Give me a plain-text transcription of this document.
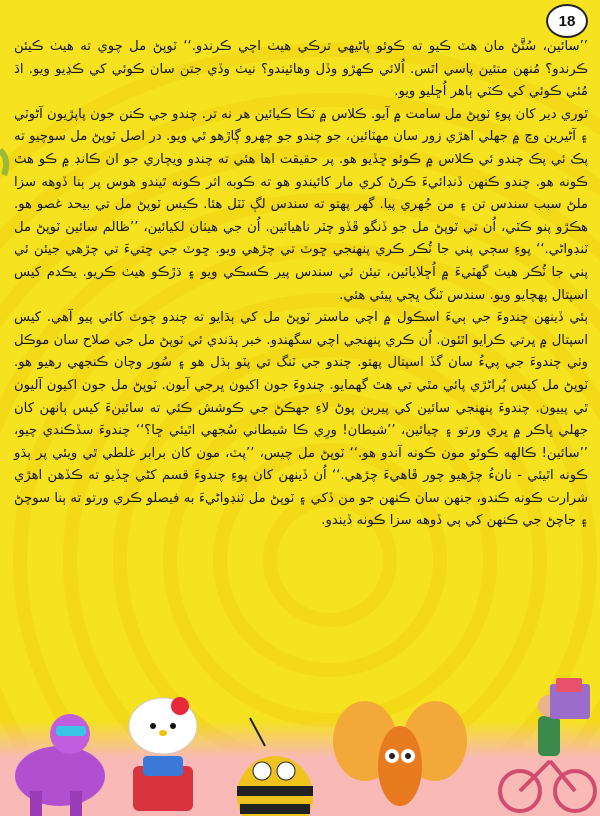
18

’’سائين، سُتَّڻ مان هٽ ڪيو ته ڪوئو پاڻيھي ترڪي هيٺ اچي ڪرندو.‘‘ ٽوپڻ مل چوي ته هيٺ ڪيئن ڪرندو؟ مُنهن متئين پاسي اٿس. اُلائي ڪهڙو وڏل وهائيندو؟ نيٺ وڏي جتن سان ڪوئي کي ڪڍيو ويو. اڌ مُئي ڪوئي کي ڪٽي ٻاهر اُڇليو ويو.

ٿوري دير کان پوءِ ٽوپڻ مل سامت ۾ آيو. ڪلاس ۾ ٽڪا ڪيائين هر نه تر. چندو جي ڪنن جون پاپڙيون آڻوٽي ۽ آڻيرين وچ ۾ جهلي اهڙي زور سان مهٽائين، جو چندو جو چهرو ڳاڙهو ٿي ويو. در اصل ٽوپڻ مل سوچيو ته پڪ ئي پڪ چندو ئي ڪلاس ۾ ڪوئو ڇڏيو هو. پر حقيقت اها هئي ته چندو ويچاري جو ان ڪانڊ ۾ ڪو هٿ ڪونه هو. چندو ڪنهن ڏنڊائيءَ ڪرڻ کري مار کائيندو هو ته ڪوبه اثر ڪونه ٿيندو هوس پر ٻنا ڏوهه سزا ملڻ سبب سندس تن ۽ من جُهري پيا. گهر پهتو ته سندس لڳ ٽٽل هئا. ڪيس ٽوپڻ مل تي بيحد غصو هو. هڪڙو پنو ڪٽي، اُن تي ٽوپڻ مل جو ڏنگو ڦڏو چٽر ناهيائين. اُن جي هيٺان لکيائين، ’’ظالم سائين ٽوپڻ مل ٽنڊواڻي.‘‘ پوءِ سڄي پني جا ٽُڪر ڪري پنهنجي ڇوٽ تي چڙهي ويو. ڇوٽ جي ڇتيءَ تي چڙهي جيئن ئي پني جا ٽُڪر هيٺ گهٽيءَ ۾ اُڇلايائين، تيئن ئي سندس پير ڪسڪي ويو ۽ ڌڙڪو هيٺ ڪريو. يڪدم کيس اسپتال پهچايو ويو. سندس ٽنگ ڀڄي پيئي هئي.

ٻئي ڏينهن چندوءَ جي ٻيءَ اسڪول ۾ اچي ماستر ٽوپڻ مل کي ٻڌايو ته چندو چوٽ کائي پيو آهي. کيس اسپتال ۾ ڀرتي ڪرايو اٿئون. اُن ڪري پنهنجي اچي سگهندو. خبر ٻڌندي ئي ٽوپڻ مل جي صلاح سان موڪل وٺي چندوءَ جي پيءُ سان گڏ اسپتال پهتو. چندو جي ٽنگ تي پٽو ٻڌل هو ۽ سُور وچان ڪنجهي رهيو هو. ٽوپڻ مل کيس ٻُراڻڙي پائي مٿي تي هٿ گهمايو. چندوءَ جون اکيون ڀرجي آيون. ٽوپڻ مل جون اکيون آليون ٿي پييون. چندوءَ پنهنجي سائين کي پيرين پوڻ لاءِ جهڪڻ جي ڪوشش ڪئي ته سائينءَ کيس ٻانهن کان جهلي ڀاڪر ۾ ڀري ورتو ۽ چيائين، ’’شيطان! ورِي ڪا شيطاني سُجهي اٿيئي ڇا؟‘‘ چندوءَ سڏڪندي چيو، ’’سائين! ڪالهه ڪوئو مون ڪونه آندو هو.‘‘ ٽوپڻ مل چيس، ’’پٽ، مون کان برابر غلطي ٿي ويئي پر ٻڌو ڪونه اٿيئي - نانءُ چڙهيو چور ڦاهيءَ چڙهي.‘‘ اُن ڏينهن کان پوءِ چندوءَ قسم کڻي ڇڏيو ته ڪڏهن اهڙي شرارت ڪونه ڪندو، جنهن سان ڪنهن جو من ڏکي ۽ ٽوپڻ مل ٽنڊواڻيءَ به فيصلو ڪري ورتو ته ٻنا سوچڻ ۽ جاچڻ جي ڪنهن کي ٻي ڏوهه سزا ڪونه ڏيندو.
